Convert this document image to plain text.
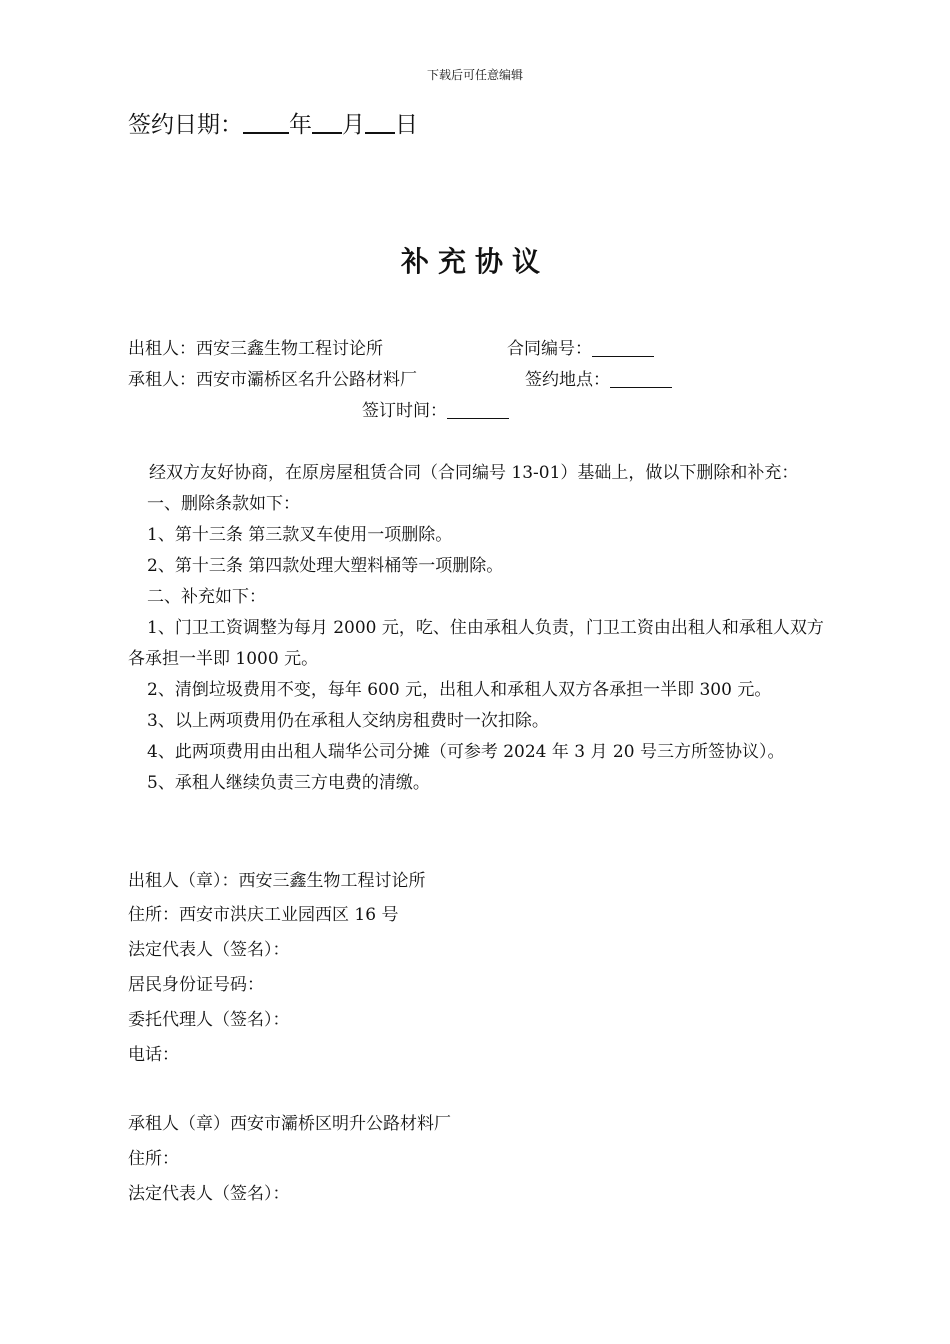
下载后可任意编辑
签约日期： 年 月 日
补充协议
出租人：西安三鑫生物工程讨论所	合同编号：
承租人：西安市灞桥区名升公路材料厂	签约地点：
签订时间：

经双方友好协商，在原房屋租赁合同（合同编号 13-01）基础上，做以下删除和补充：

一、删除条款如下：

1、第十三条 第三款叉车使用一项删除。

2、第十三条 第四款处理大塑料桶等一项删除。

二、补充如下：

1、门卫工资调整为每月 2000 元，吃、住由承租人负责，门卫工资由出租人和承租人双方各承担一半即 1000 元。

2、清倒垃圾费用不变，每年 600 元，出租人和承租人双方各承担一半即 300 元。

3、以上两项费用仍在承租人交纳房租费时一次扣除。

4、此两项费用由出租人瑞华公司分摊（可参考 2024 年 3 月 20 号三方所签协议）。

5、承租人继续负责三方电费的清缴。

出租人（章）：西安三鑫生物工程讨论所
住所：西安市洪庆工业园西区 16 号
法定代表人（签名）：
居民身份证号码：
委托代理人（签名）：
电话：
承租人（章）西安市灞桥区明升公路材料厂
住所：
法定代表人（签名）：
